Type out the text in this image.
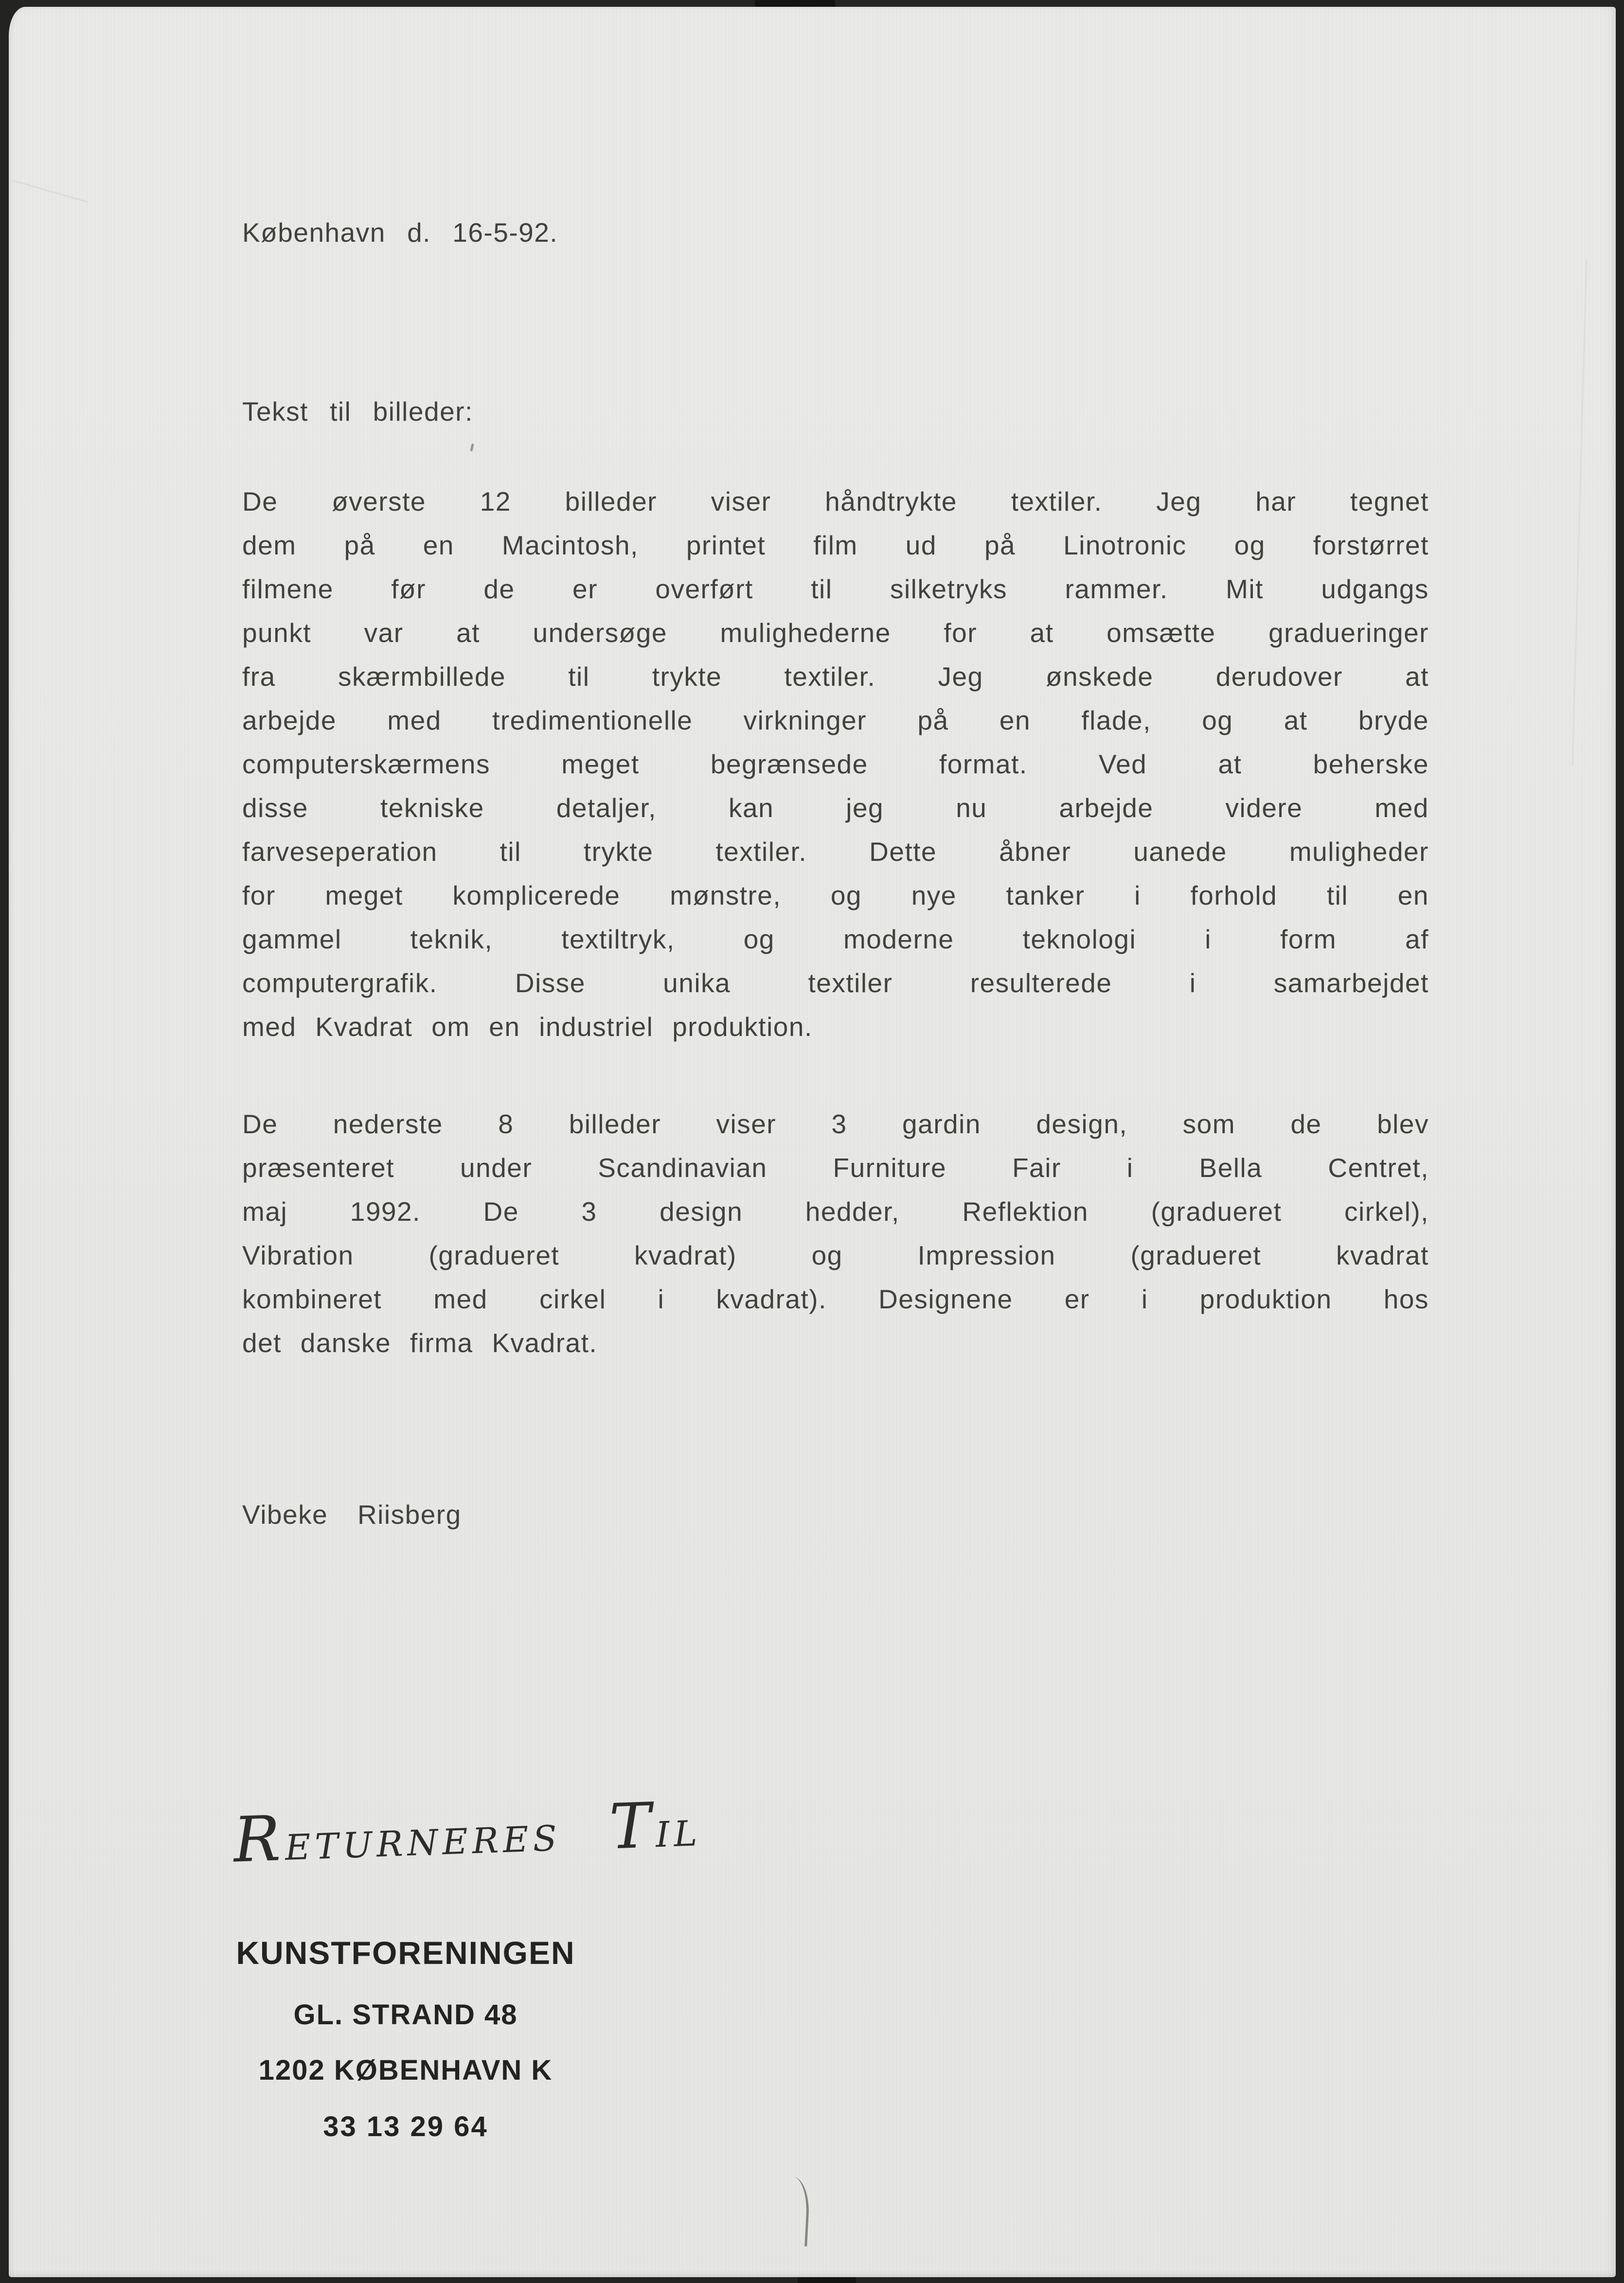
København d. 16-5-92.
Tekst til billeder:
De øverste 12 billeder viser håndtrykte textiler. Jeg har tegnet
dem på en Macintosh, printet film ud på Linotronic og forstørret
filmene før de er overført til silketryks rammer. Mit udgangs
punkt var at undersøge mulighederne for at omsætte gradueringer
fra skærmbillede til trykte textiler. Jeg ønskede derudover at
arbejde med tredimentionelle virkninger på en flade, og at bryde
computerskærmens	meget	begrænsede	format.	Ved	at	beherske
disse	tekniske	detaljer,	kan	jeg	nu	arbejde	videre	med
farveseperation til trykte textiler. Dette åbner uanede muligheder
for meget komplicerede mønstre, og nye tanker i forhold til en
gammel	teknik,	textiltryk,	og	moderne	teknologi	i	form	af
computergrafik.	Disse	unika	textiler	resulterede	i	samarbejdet
med Kvadrat om en industriel produktion.
De nederste 8 billeder viser 3 gardin design, som de blev
præsenteret under Scandinavian Furniture Fair i Bella Centret,
maj 1992. De 3 design hedder, Reflektion (gradueret cirkel),
Vibration	(gradueret	kvadrat)	og	Impression	(gradueret	kvadrat
kombineret med cirkel i kvadrat). Designene er i produktion hos
det danske firma Kvadrat.
Vibeke Riisberg
RETURNERES TIL
KUNSTFORENINGEN
GL. STRAND 48
1202 KØBENHAVN K
33 13 29 64
